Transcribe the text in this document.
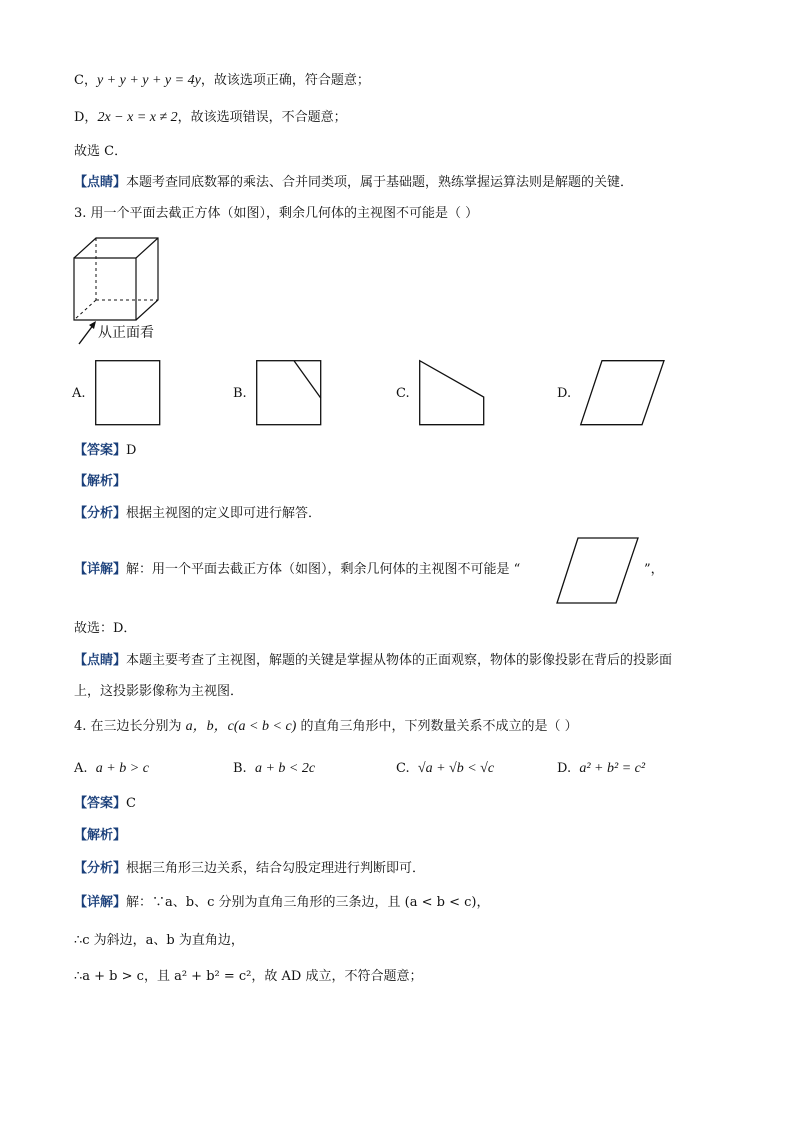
C，y + y + y + y = 4y，故该选项正确，符合题意；
D，2x − x = x ≠ 2，故该选项错误，不合题意；
故选 C．
【点睛】本题考查同底数幂的乘法、合并同类项，属于基础题，熟练掌握运算法则是解题的关键．
3. 用一个平面去截正方体（如图），剩余几何体的主视图不可能是（ ）
从正面看
A.	B.	C.	D.
【答案】D
【解析】
【分析】根据主视图的定义即可进行解答．
【详解】解：用一个平面去截正方体（如图），剩余几何体的主视图不可能是 “	”，
故选：D．
【点睛】本题主要考查了主视图，解题的关键是掌握从物体的正面观察，物体的影像投影在背后的投影面
上，这投影影像称为主视图．
4. 在三边长分别为 a，b，c(a < b < c) 的直角三角形中，下列数量关系不成立的是（ ）
A. a + b > c	B. a + b < 2c	C. √a + √b < √c	D. a² + b² = c²
【答案】C
【解析】
【分析】根据三角形三边关系，结合勾股定理进行判断即可．
【详解】解：∵a、b、c 分别为直角三角形的三条边，且 (a < b < c)，
∴c 为斜边，a、b 为直角边，
∴a + b > c，且 a² + b² = c²，故 AD 成立，不符合题意；
